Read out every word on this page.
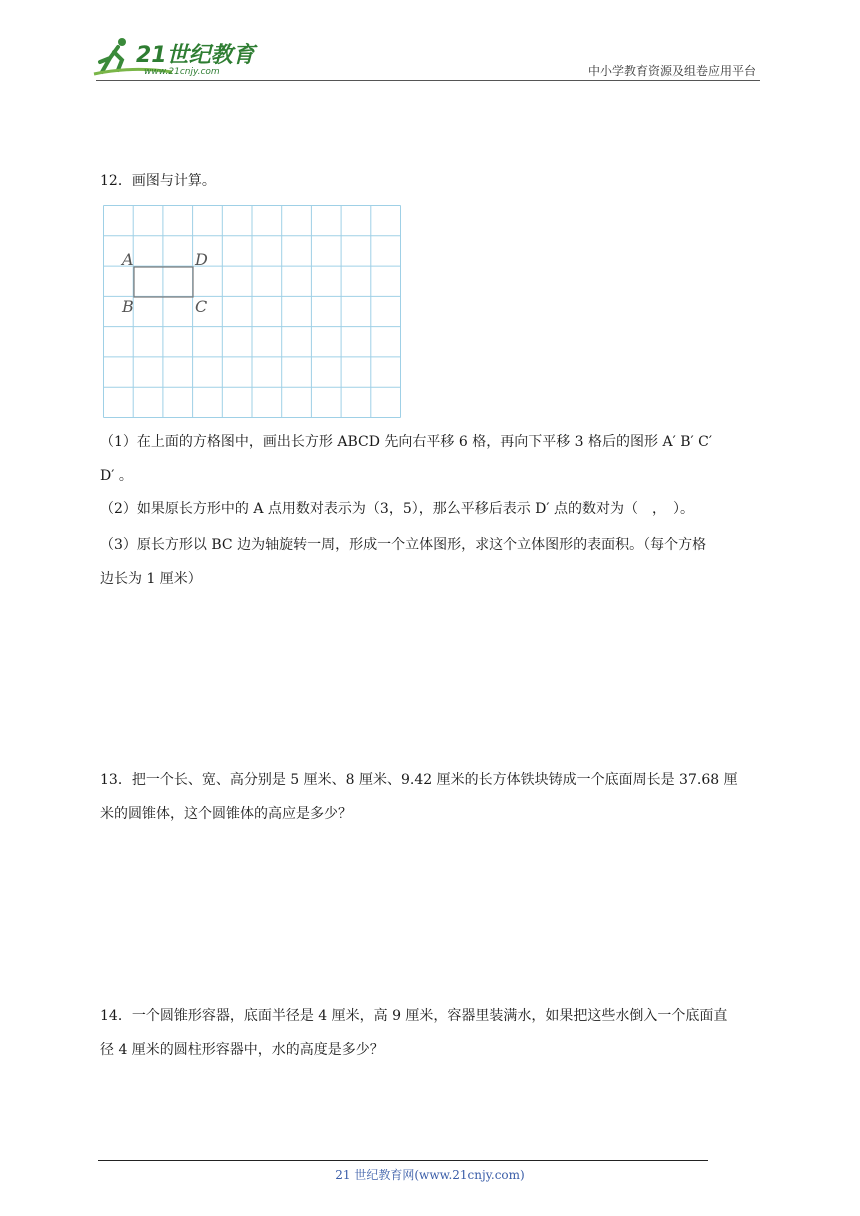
21世纪教育
www.21cnjy.com	中小学教育资源及组卷应用平台
12．画图与计算。
A	D
B	C
（1）在上面的方格图中，画出长方形 ABCD 先向右平移 6 格，再向下平移 3 格后的图形 A′ B′ C′
D′ 。
（2）如果原长方形中的 A 点用数对表示为（3，5），那么平移后表示 D′ 点的数对为（　，　）。
（3）原长方形以 BC 边为轴旋转一周，形成一个立体图形，求这个立体图形的表面积。（每个方格
边长为 1 厘米）
13．把一个长、宽、高分别是 5 厘米、8 厘米、9.42 厘米的长方体铁块铸成一个底面周长是 37.68 厘
米的圆锥体，这个圆锥体的高应是多少？
14．一个圆锥形容器，底面半径是 4 厘米，高 9 厘米，容器里装满水，如果把这些水倒入一个底面直
径 4 厘米的圆柱形容器中，水的高度是多少？
21 世纪教育网(www.21cnjy.com)
